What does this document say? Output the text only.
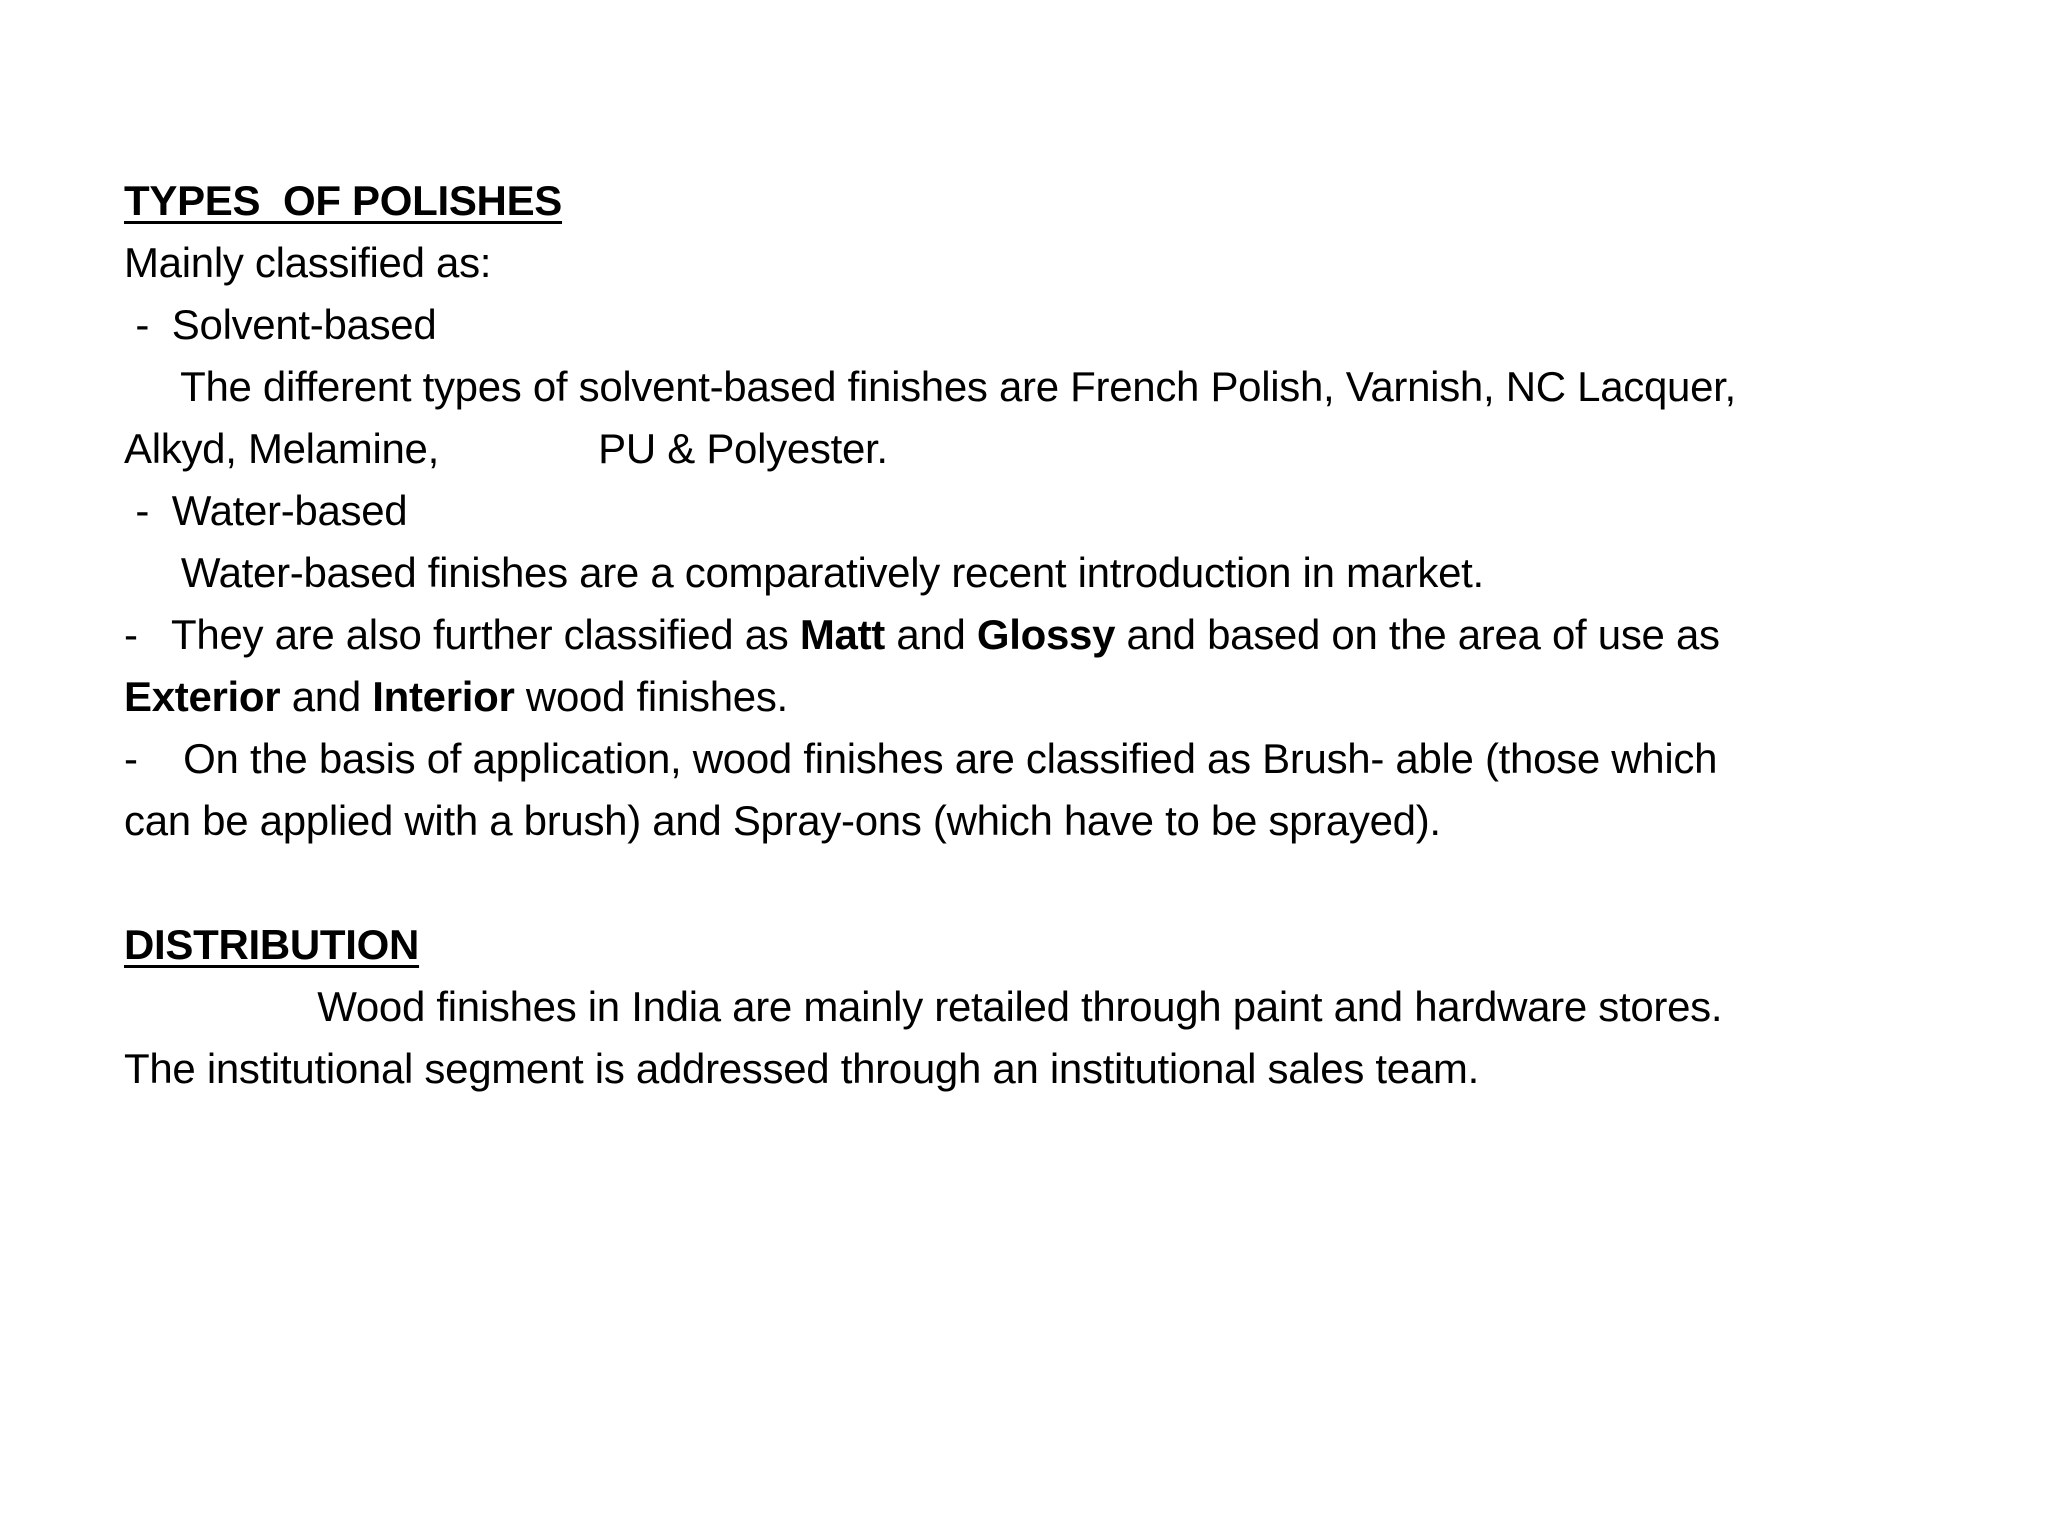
TYPES  OF POLISHES
Mainly classified as:
-  Solvent-based
The different types of solvent-based finishes are French Polish, Varnish, NC Lacquer,
Alkyd, Melamine,              PU & Polyester.
-  Water-based
Water-based finishes are a comparatively recent introduction in market.
-   They are also further classified as Matt and Glossy and based on the area of use as
Exterior and Interior wood finishes.
-    On the basis of application, wood finishes are classified as Brush- able (those which
can be applied with a brush) and Spray-ons (which have to be sprayed).
DISTRIBUTION
Wood finishes in India are mainly retailed through paint and hardware stores.
The institutional segment is addressed through an institutional sales team.
